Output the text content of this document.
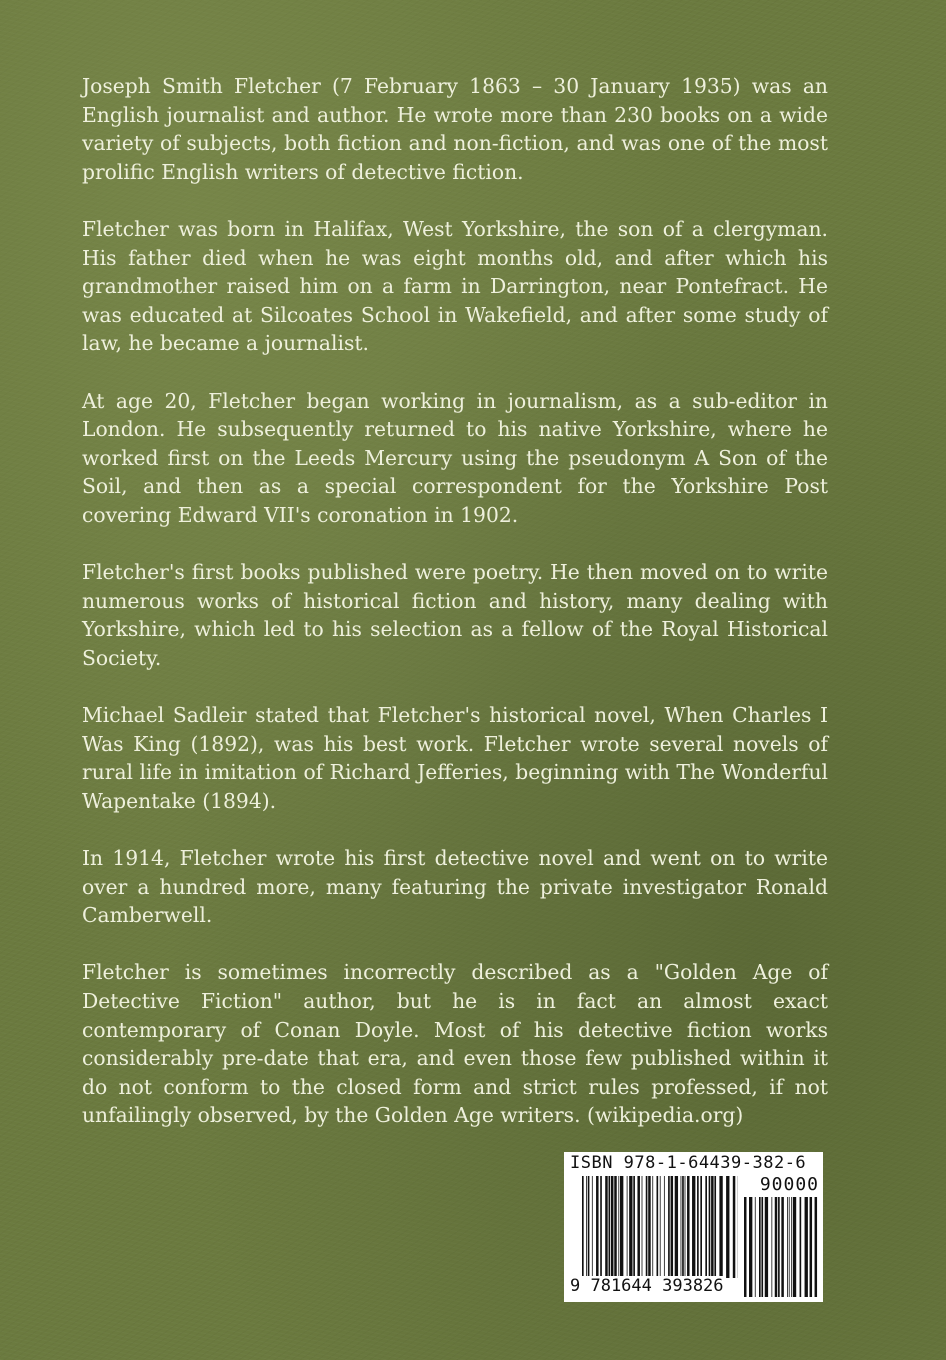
Joseph Smith Fletcher (7 February 1863 – 30 January 1935) was an English journalist and author. He wrote more than 230 books on a wide variety of subjects, both fiction and non-fiction, and was one of the most prolific English writers of detective fiction.

Fletcher was born in Halifax, West Yorkshire, the son of a clergyman. His father died when he was eight months old, and after which his grandmother raised him on a farm in Darrington, near Pontefract. He was educated at Silcoates School in Wakefield, and after some study of law, he became a journalist.

At age 20, Fletcher began working in journalism, as a sub-editor in London. He subsequently returned to his native Yorkshire, where he worked first on the Leeds Mercury using the pseudonym A Son of the Soil, and then as a special correspondent for the Yorkshire Post covering Edward VII's coronation in 1902.

Fletcher's first books published were poetry. He then moved on to write numerous works of historical fiction and history, many dealing with Yorkshire, which led to his selection as a fellow of the Royal Historical Society.

Michael Sadleir stated that Fletcher's historical novel, When Charles I Was King (1892), was his best work. Fletcher wrote several novels of rural life in imitation of Richard Jefferies, beginning with The Wonderful Wapentake (1894).

In 1914, Fletcher wrote his first detective novel and went on to write over a hundred more, many featuring the private investigator Ronald Camberwell.

Fletcher is sometimes incorrectly described as a "Golden Age of Detective Fiction" author, but he is in fact an almost exact contemporary of Conan Doyle. Most of his detective fiction works considerably pre-date that era, and even those few published within it do not conform to the closed form and strict rules professed, if not unfailingly observed, by the Golden Age writers. (wikipedia.org)

ISBN 978-1-64439-382-6
90000
9 781644 393826
